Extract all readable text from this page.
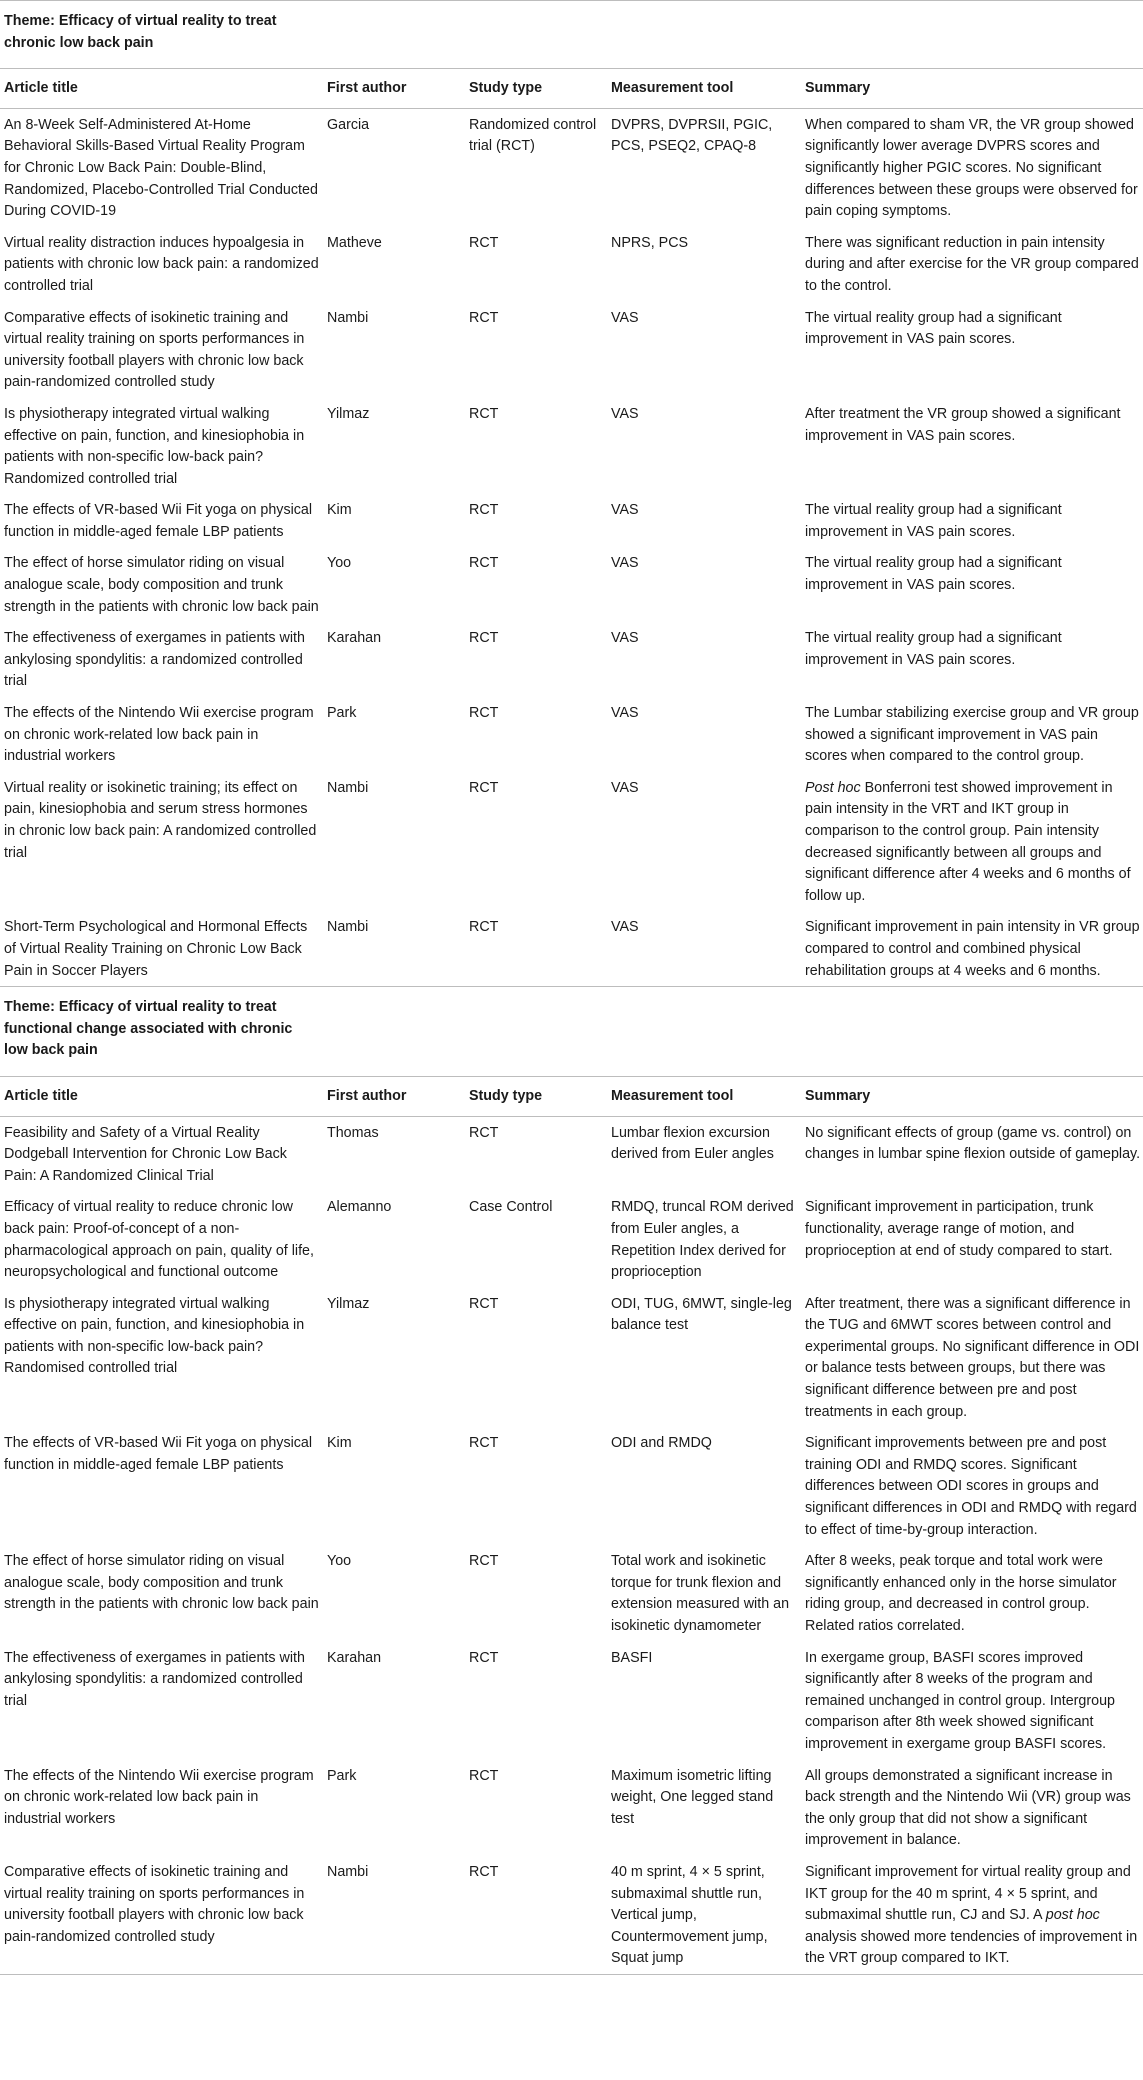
Theme: Efficacy of virtual reality to treat chronic low back pain				

Article title	First author	Study type	Measurement tool	Summary
An 8-Week Self-Administered At-Home Behavioral Skills-Based Virtual Reality Program for Chronic Low Back Pain: Double-Blind, Randomized, Placebo-Controlled Trial Conducted During COVID-19	Garcia	Randomized control trial (RCT)	DVPRS, DVPRSII, PGIC, PCS, PSEQ2, CPAQ-8	When compared to sham VR, the VR group showed significantly lower average DVPRS scores and significantly higher PGIC scores. No significant differences between these groups were observed for pain coping symptoms.
Virtual reality distraction induces hypoalgesia in patients with chronic low back pain: a randomized controlled trial	Matheve	RCT	NPRS, PCS	There was significant reduction in pain intensity during and after exercise for the VR group compared to the control.
Comparative effects of isokinetic training and virtual reality training on sports performances in university football players with chronic low back pain-randomized controlled study	Nambi	RCT	VAS	The virtual reality group had a significant improvement in VAS pain scores.
Is physiotherapy integrated virtual walking effective on pain, function, and kinesiophobia in patients with non-specific low-back pain? Randomized controlled trial	Yilmaz	RCT	VAS	After treatment the VR group showed a significant improvement in VAS pain scores.
The effects of VR-based Wii Fit yoga on physical function in middle-aged female LBP patients	Kim	RCT	VAS	The virtual reality group had a significant improvement in VAS pain scores.
The effect of horse simulator riding on visual analogue scale, body composition and trunk strength in the patients with chronic low back pain	Yoo	RCT	VAS	The virtual reality group had a significant improvement in VAS pain scores.
The effectiveness of exergames in patients with ankylosing spondylitis: a randomized controlled trial	Karahan	RCT	VAS	The virtual reality group had a significant improvement in VAS pain scores.
The effects of the Nintendo Wii exercise program on chronic work-related low back pain in industrial workers	Park	RCT	VAS	The Lumbar stabilizing exercise group and VR group showed a significant improvement in VAS pain scores when compared to the control group.
Virtual reality or isokinetic training; its effect on pain, kinesiophobia and serum stress hormones in chronic low back pain: A randomized controlled trial	Nambi	RCT	VAS	Post hoc Bonferroni test showed improvement in pain intensity in the VRT and IKT group in comparison to the control group. Pain intensity decreased significantly between all groups and significant difference after 4 weeks and 6 months of follow up.
Short-Term Psychological and Hormonal Effects of Virtual Reality Training on Chronic Low Back Pain in Soccer Players	Nambi	RCT	VAS	Significant improvement in pain intensity in VR group compared to control and combined physical rehabilitation groups at 4 weeks and 6 months.

Theme: Efficacy of virtual reality to treat functional change associated with chronic low back pain				

Article title	First author	Study type	Measurement tool	Summary
Feasibility and Safety of a Virtual Reality Dodgeball Intervention for Chronic Low Back Pain: A Randomized Clinical Trial	Thomas	RCT	Lumbar flexion excursion derived from Euler angles	No significant effects of group (game vs. control) on changes in lumbar spine flexion outside of gameplay.
Efficacy of virtual reality to reduce chronic low back pain: Proof-of-concept of a non-pharmacological approach on pain, quality of life, neuropsychological and functional outcome	Alemanno	Case Control	RMDQ, truncal ROM derived from Euler angles, a Repetition Index derived for proprioception	Significant improvement in participation, trunk functionality, average range of motion, and proprioception at end of study compared to start.
Is physiotherapy integrated virtual walking effective on pain, function, and kinesiophobia in patients with non-specific low-back pain? Randomised controlled trial	Yilmaz	RCT	ODI, TUG, 6MWT, single-leg balance test	After treatment, there was a significant difference in the TUG and 6MWT scores between control and experimental groups. No significant difference in ODI or balance tests between groups, but there was significant difference between pre and post treatments in each group.
The effects of VR-based Wii Fit yoga on physical function in middle-aged female LBP patients	Kim	RCT	ODI and RMDQ	Significant improvements between pre and post training ODI and RMDQ scores. Significant differences between ODI scores in groups and significant differences in ODI and RMDQ with regard to effect of time-by-group interaction.
The effect of horse simulator riding on visual analogue scale, body composition and trunk strength in the patients with chronic low back pain	Yoo	RCT	Total work and isokinetic torque for trunk flexion and extension measured with an isokinetic dynamometer	After 8 weeks, peak torque and total work were significantly enhanced only in the horse simulator riding group, and decreased in control group. Related ratios correlated.
The effectiveness of exergames in patients with ankylosing spondylitis: a randomized controlled trial	Karahan	RCT	BASFI	In exergame group, BASFI scores improved significantly after 8 weeks of the program and remained unchanged in control group. Intergroup comparison after 8th week showed significant improvement in exergame group BASFI scores.
The effects of the Nintendo Wii exercise program on chronic work-related low back pain in industrial workers	Park	RCT	Maximum isometric lifting weight, One legged stand test	All groups demonstrated a significant increase in back strength and the Nintendo Wii (VR) group was the only group that did not show a significant improvement in balance.
Comparative effects of isokinetic training and virtual reality training on sports performances in university football players with chronic low back pain-randomized controlled study	Nambi	RCT	40 m sprint, 4 × 5 sprint, submaximal shuttle run, Vertical jump, Countermovement jump, Squat jump	Significant improvement for virtual reality group and IKT group for the 40 m sprint, 4 × 5 sprint, and submaximal shuttle run, CJ and SJ. A post hoc analysis showed more tendencies of improvement in the VRT group compared to IKT.
